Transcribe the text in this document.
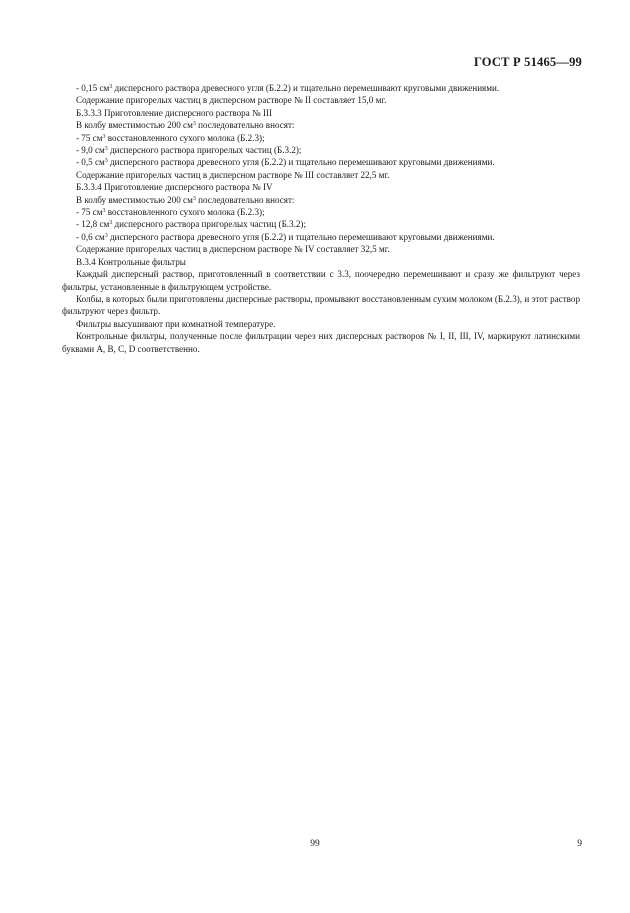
ГОСТ Р 51465—99

- 0,15 $см^3$ дисперсного раствора древесного угля (Б.2.2) и тщательно перемешивают круговыми движениями.

Содержание пригорелых частиц в дисперсном растворе № II составляет 15,0 мг.

Б.3.3.3 Приготовление дисперсного раствора № III

В колбу вместимостью 200 $см^3$ последовательно вносят:

- 75 $см^3$ восстановленного сухого молока (Б.2.3);

- 9,0 $см^3$ дисперсного раствора пригорелых частиц (Б.3.2);

- 0,5 $см^3$ дисперсного раствора древесного угля (Б.2.2) и тщательно перемешивают круговыми движениями.

Содержание пригорелых частиц в дисперсном растворе № III составляет 22,5 мг.

Б.3.3.4 Приготовление дисперсного раствора № IV

В колбу вместимостью 200 $см^3$ последовательно вносят:

- 75 $см^3$ восстановленного сухого молока (Б.2.3);

- 12,8 $см^3$ дисперсного раствора пригорелых частиц (Б.3.2);

- 0,6 $см^3$ дисперсного раствора древесного угля (Б.2.2) и тщательно перемешивают круговыми движениями.

Содержание пригорелых частиц в дисперсном растворе № IV составляет 32,5 мг.

В.3.4 Контрольные фильтры

Каждый дисперсный раствор, приготовленный в соответствии с 3.3, поочередно перемешивают и сразу же фильтруют через фильтры, установленные в фильтрующем устройстве.

Колбы, в которых были приготовлены дисперсные растворы, промывают восстановленным сухим молоком (Б.2.3), и этот раствор фильтруют через фильтр.

Фильтры высушивают при комнатной температуре.

Контрольные фильтры, полученные после фильтрации через них дисперсных растворов № I, II, III, IV, маркируют латинскими буквами А, В, С, D соответственно.

99	9
